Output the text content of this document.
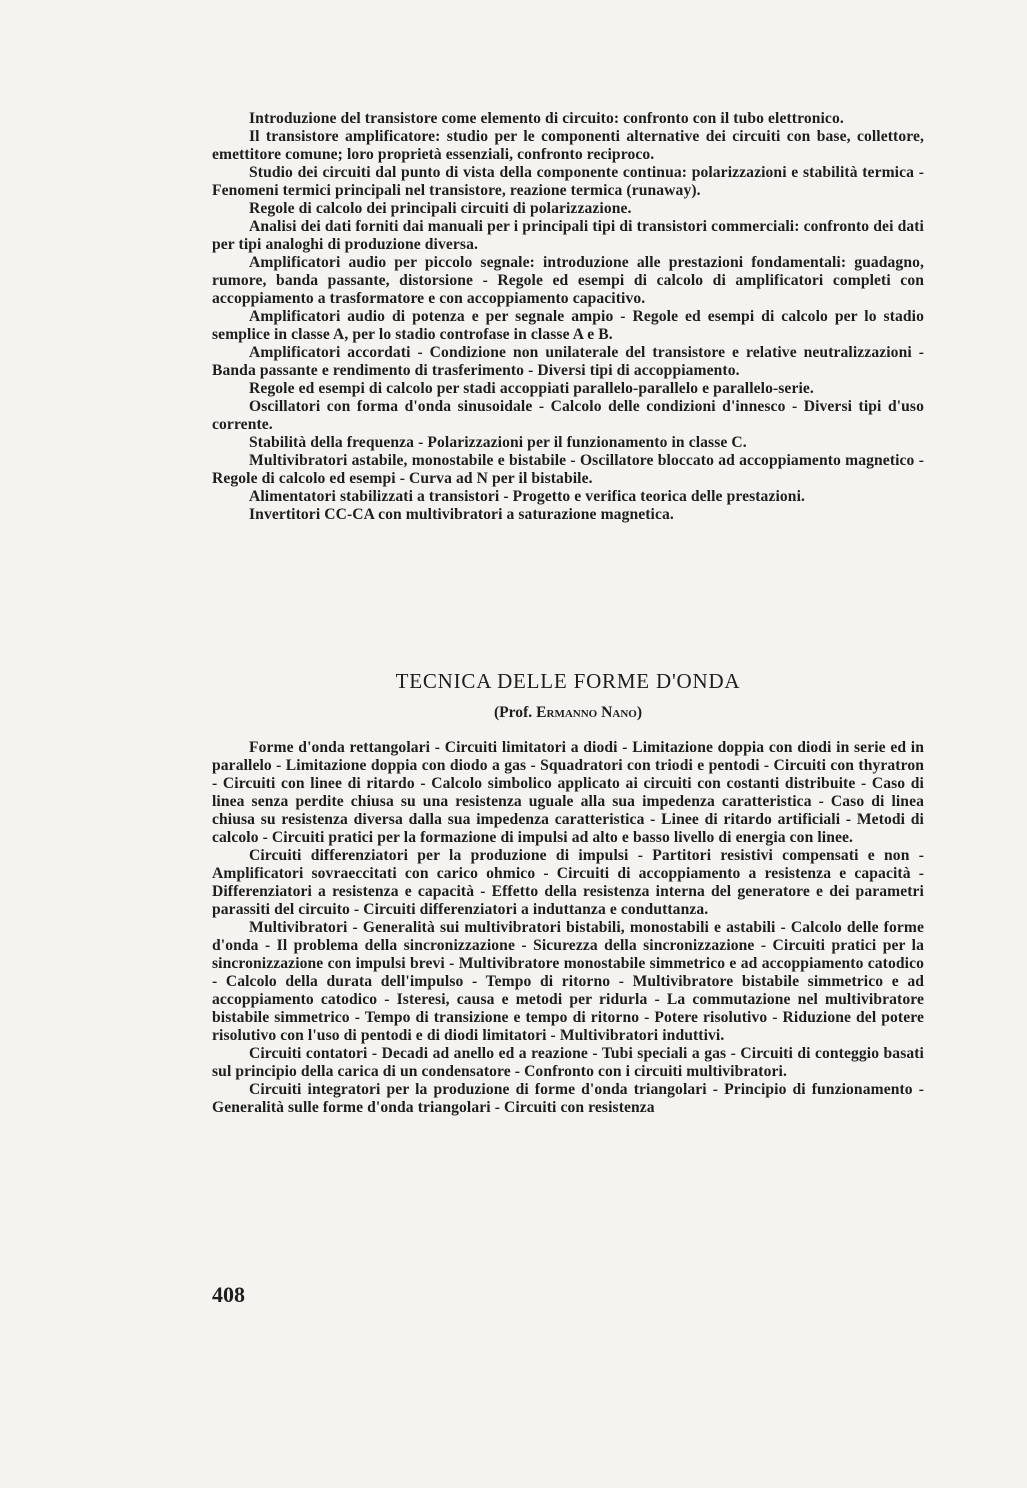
Introduzione del transistore come elemento di circuito: confronto con il tubo elettronico.

Il transistore amplificatore: studio per le componenti alternative dei circuiti con base, collettore, emettitore comune; loro proprietà essenziali, confronto reciproco.

Studio dei circuiti dal punto di vista della componente continua: polarizzazioni e stabilità termica - Fenomeni termici principali nel transistore, reazione termica (runaway).

Regole di calcolo dei principali circuiti di polarizzazione.

Analisi dei dati forniti dai manuali per i principali tipi di transistori commerciali: confronto dei dati per tipi analoghi di produzione diversa.

Amplificatori audio per piccolo segnale: introduzione alle prestazioni fondamentali: guadagno, rumore, banda passante, distorsione - Regole ed esempi di calcolo di amplificatori completi con accoppiamento a trasformatore e con accoppiamento capacitivo.

Amplificatori audio di potenza e per segnale ampio - Regole ed esempi di calcolo per lo stadio semplice in classe A, per lo stadio controfase in classe A e B.

Amplificatori accordati - Condizione non unilaterale del transistore e relative neutralizzazioni - Banda passante e rendimento di trasferimento - Diversi tipi di accoppiamento.

Regole ed esempi di calcolo per stadi accoppiati parallelo-parallelo e parallelo-serie.

Oscillatori con forma d'onda sinusoidale - Calcolo delle condizioni d'innesco - Diversi tipi d'uso corrente.

Stabilità della frequenza - Polarizzazioni per il funzionamento in classe C.

Multivibratori astabile, monostabile e bistabile - Oscillatore bloccato ad accoppiamento magnetico - Regole di calcolo ed esempi - Curva ad N per il bistabile.

Alimentatori stabilizzati a transistori - Progetto e verifica teorica delle prestazioni.

Invertitori CC-CA con multivibratori a saturazione magnetica.

TECNICA DELLE FORME D'ONDA

(Prof. Ermanno Nano)

Forme d'onda rettangolari - Circuiti limitatori a diodi - Limitazione doppia con diodi in serie ed in parallelo - Limitazione doppia con diodo a gas - Squadratori con triodi e pentodi - Circuiti con thyratron - Circuiti con linee di ritardo - Calcolo simbolico applicato ai circuiti con costanti distribuite - Caso di linea senza perdite chiusa su una resistenza uguale alla sua impedenza caratteristica - Caso di linea chiusa su resistenza diversa dalla sua impedenza caratteristica - Linee di ritardo artificiali - Metodi di calcolo - Circuiti pratici per la formazione di impulsi ad alto e basso livello di energia con linee.

Circuiti differenziatori per la produzione di impulsi - Partitori resistivi compensati e non - Amplificatori sovraeccitati con carico ohmico - Circuiti di accoppiamento a resistenza e capacità - Differenziatori a resistenza e capacità - Effetto della resistenza interna del generatore e dei parametri parassiti del circuito - Circuiti differenziatori a induttanza e conduttanza.

Multivibratori - Generalità sui multivibratori bistabili, monostabili e astabili - Calcolo delle forme d'onda - Il problema della sincronizzazione - Sicurezza della sincronizzazione - Circuiti pratici per la sincronizzazione con impulsi brevi - Multivibratore monostabile simmetrico e ad accoppiamento catodico - Calcolo della durata dell'impulso - Tempo di ritorno - Multivibratore bistabile simmetrico e ad accoppiamento catodico - Isteresi, causa e metodi per ridurla - La commutazione nel multivibratore bistabile simmetrico - Tempo di transizione e tempo di ritorno - Potere risolutivo - Riduzione del potere risolutivo con l'uso di pentodi e di diodi limitatori - Multivibratori induttivi.

Circuiti contatori - Decadi ad anello ed a reazione - Tubi speciali a gas - Circuiti di conteggio basati sul principio della carica di un condensatore - Confronto con i circuiti multivibratori.

Circuiti integratori per la produzione di forme d'onda triangolari - Principio di funzionamento - Generalità sulle forme d'onda triangolari - Circuiti con resistenza

408
